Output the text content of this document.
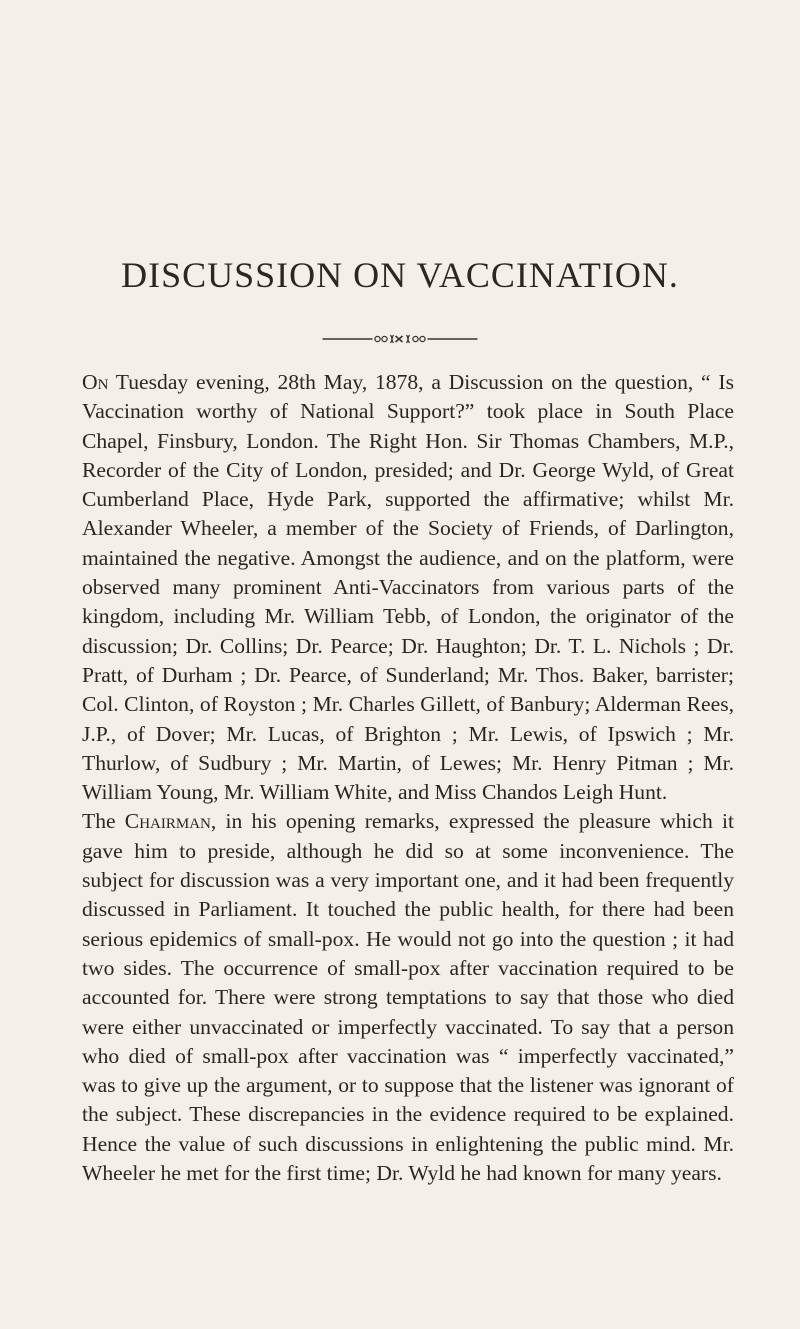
DISCUSSION ON VACCINATION.

On Tuesday evening, 28th May, 1878, a Discussion on the question, “ Is Vaccination worthy of National Support?” took place in South Place Chapel, Finsbury, London. The Right Hon. Sir Thomas Chambers, M.P., Recorder of the City of London, presided; and Dr. George Wyld, of Great Cumberland Place, Hyde Park, supported the affirmative; whilst Mr. Alexander Wheeler, a member of the Society of Friends, of Darlington, maintained the negative. Amongst the audience, and on the platform, were observed many prominent Anti-Vaccinators from various parts of the kingdom, including Mr. William Tebb, of London, the originator of the discussion; Dr. Collins; Dr. Pearce; Dr. Haughton; Dr. T. L. Nichols ; Dr. Pratt, of Durham ; Dr. Pearce, of Sunderland; Mr. Thos. Baker, barrister; Col. Clinton, of Royston ; Mr. Charles Gillett, of Banbury; Alderman Rees, J.P., of Dover; Mr. Lucas, of Brighton ; Mr. Lewis, of Ipswich ; Mr. Thurlow, of Sudbury ; Mr. Martin, of Lewes; Mr. Henry Pitman ; Mr. William Young, Mr. William White, and Miss Chandos Leigh Hunt.

The Chairman, in his opening remarks, expressed the pleasure which it gave him to preside, although he did so at some inconvenience. The subject for discussion was a very important one, and it had been frequently discussed in Parliament. It touched the public health, for there had been serious epidemics of small-pox. He would not go into the question ; it had two sides. The occurrence of small-pox after vaccination required to be accounted for. There were strong temptations to say that those who died were either unvaccinated or imperfectly vaccinated. To say that a person who died of small-pox after vaccination was “ imperfectly vaccinated,” was to give up the argument, or to suppose that the listener was ignorant of the subject. These discrepancies in the evidence required to be explained. Hence the value of such discussions in enlightening the public mind. Mr. Wheeler he met for the first time; Dr. Wyld he had known for many years.
